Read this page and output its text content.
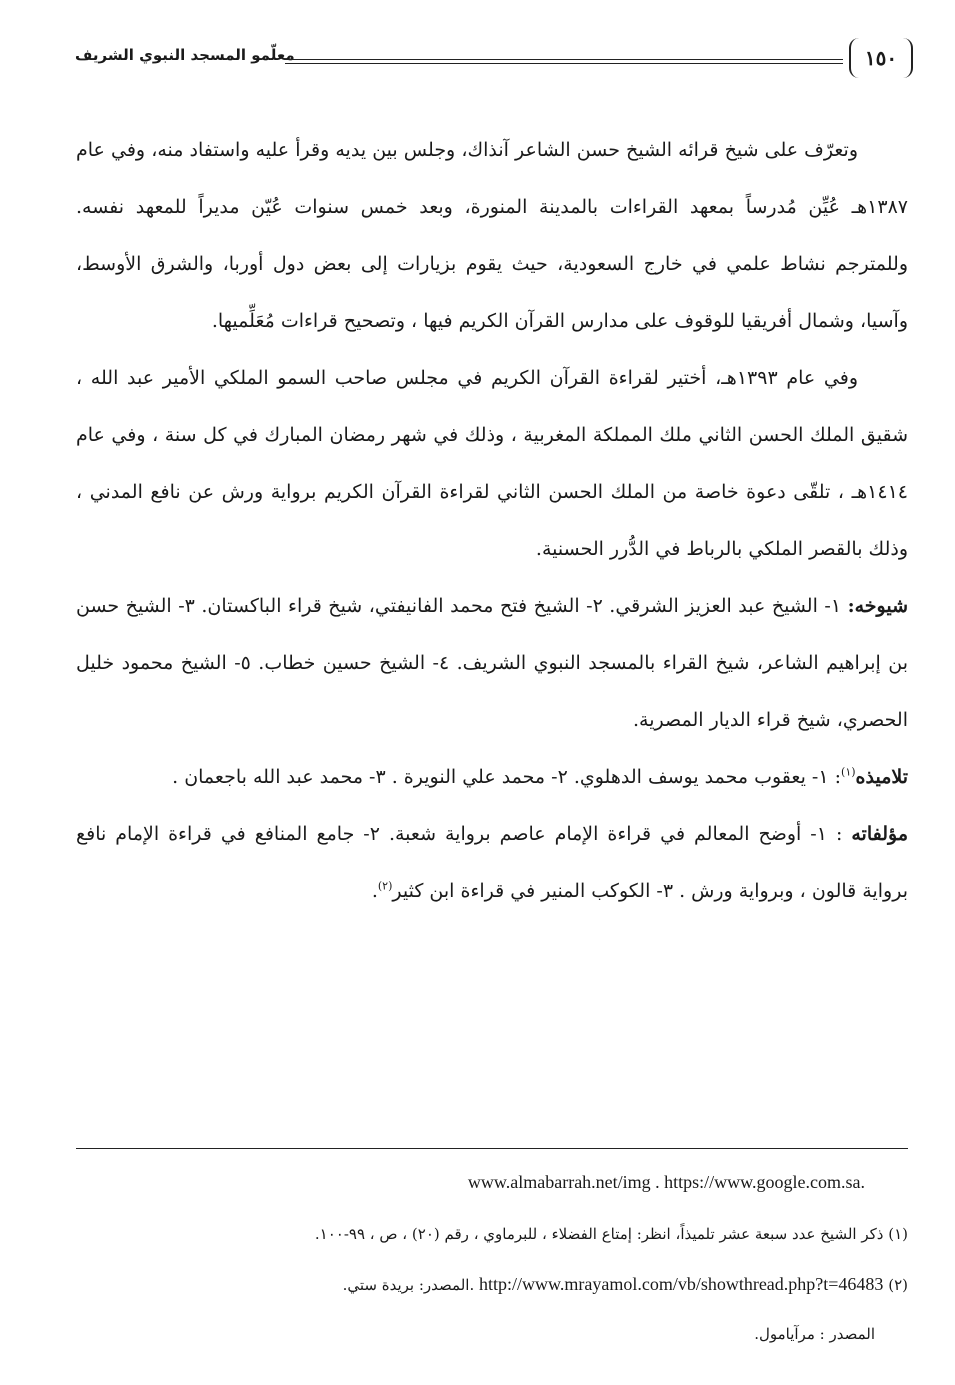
معلّمو المسجد النبوي الشريف	١٥٠

وتعرّف على شيخ قرائه الشيخ حسن الشاعر آنذاك، وجلس بين يديه وقرأ عليه واستفاد منه، وفي عام ١٣٨٧هـ عُيِّن مُدرساً بمعهد القراءات بالمدينة المنورة، وبعد خمس سنوات عُيّن مديراً للمعهد نفسه. وللمترجم نشاط علمي في خارج السعودية، حيث يقوم بزيارات إلى بعض دول أوربا، والشرق الأوسط، وآسيا، وشمال أفريقيا للوقوف على مدارس القرآن الكريم فيها ، وتصحيح قراءات مُعَلِّميها.

وفي عام ١٣٩٣هـ، أختير لقراءة القرآن الكريم في مجلس صاحب السمو الملكي الأمير عبد الله ، شقيق الملك الحسن الثاني ملك المملكة المغربية ، وذلك في شهر رمضان المبارك في كل سنة ، وفي عام ١٤١٤هـ ، تلقّى دعوة خاصة من الملك الحسن الثاني لقراءة القرآن الكريم برواية ورش عن نافع المدني ، وذلك بالقصر الملكي بالرباط في الدُّرر الحسنية.

شيوخه: ١- الشيخ عبد العزيز الشرقي. ٢- الشيخ فتح محمد الفانيفتي، شيخ قراء الباكستان. ٣- الشيخ حسن بن إبراهيم الشاعر، شيخ القراء بالمسجد النبوي الشريف. ٤- الشيخ حسين خطاب. ٥- الشيخ محمود خليل الحصري، شيخ قراء الديار المصرية.

تلاميذه$^{(١)}$: ١- يعقوب محمد يوسف الدهلوي. ٢- محمد علي النويرة . ٣- محمد عبد الله باجعمان .

مؤلفاته : ١- أوضح المعالم في قراءة الإمام عاصم برواية شعبة. ٢- جامع المنافع في قراءة الإمام نافع برواية قالون ، وبرواية ورش . ٣- الكوكب المنير في قراءة ابن كثير$^{(٢)}$.

www.almabarrah.net/img . https://www.google.com.sa.
(١) ذكر الشيخ عدد سبعة عشر تلميذاً، انظر: إمتاع الفضلاء ، للبرماوي ، رقم (٢٠) ، ص ، ٩٩-١٠٠.
(٢) http://www.mrayamol.com/vb/showthread.php?t=46483 .المصدر: بريدة ستي.
المصدر : مرآيامول.
